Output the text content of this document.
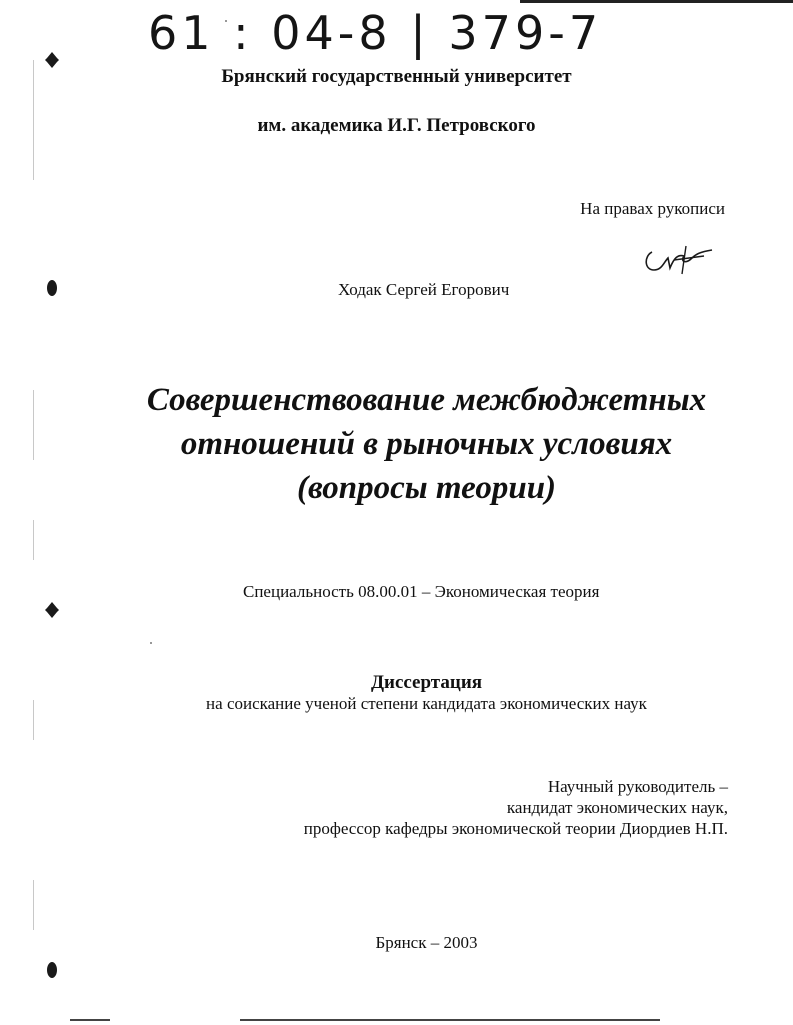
61 : 04-8 | 379-7
Брянский государственный университет
им. академика И.Г. Петровского
На правах рукописи
Ходак Сергей Егорович
Совершенствование межбюджетных
отношений в рыночных условиях
(вопросы теории)
Специальность 08.00.01 – Экономическая теория
Диссертация
на соискание ученой степени кандидата экономических наук
Научный руководитель –
кандидат экономических наук,
профессор кафедры экономической теории Диордиев Н.П.
Брянск – 2003
